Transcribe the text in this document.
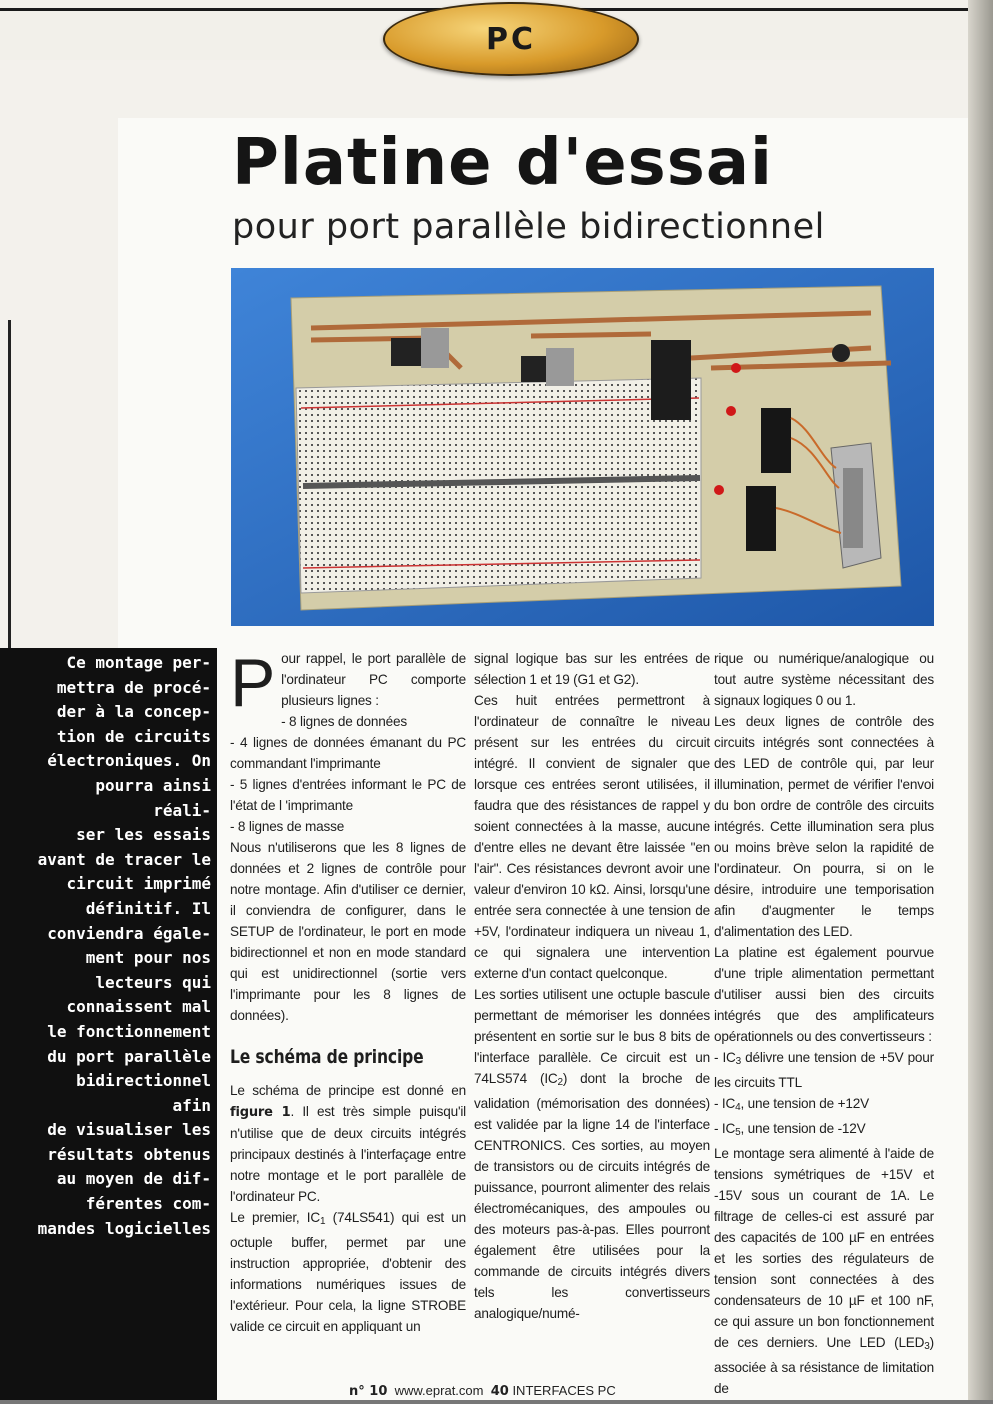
PC
Platine d'essai
pour port parallèle bidirectionnel

Ce montage per-
mettra de procé-
der à la concep-
tion de circuits
électroniques. On
pourra ainsi réali-
ser les essais
avant de tracer le
circuit imprimé
définitif. Il
conviendra égale-
ment pour nos
lecteurs qui
connaissent mal
le fonctionnement
du port parallèle
bidirectionnel afin
de visualiser les
résultats obtenus
au moyen de dif-
férentes com-
mandes logicielles

Pour rappel, le port parallèle de l'ordinateur PC comporte plusieurs lignes :

- 8 lignes de données

- 4 lignes de données émanant du PC commandant l'imprimante

- 5 lignes d'entrées informant le PC de l'état de l 'imprimante

- 8 lignes de masse

Nous n'utiliserons que les 8 lignes de données et 2 lignes de contrôle pour notre montage. Afin d'utiliser ce dernier, il conviendra de configurer, dans le SETUP de l'ordinateur, le port en mode bidirectionnel et non en mode standard qui est unidirectionnel (sortie vers l'imprimante pour les 8 lignes de données).

Le schéma de principe

Le schéma de principe est donné en figure 1. Il est très simple puisqu'il n'utilise que de deux circuits intégrés principaux destinés à l'interfaçage entre notre montage et le port parallèle de l'ordinateur PC.

Le premier, $IC_1$ (74LS541) qui est un octuple buffer, permet par une instruction appropriée, d'obtenir des informations numériques issues de l'extérieur. Pour cela, la ligne STROBE valide ce circuit en appliquant un

signal logique bas sur les entrées de sélection 1 et 19 (G1 et G2).

Ces huit entrées permettront à l'ordinateur de connaître le niveau présent sur les entrées du circuit intégré. Il convient de signaler que lorsque ces entrées seront utilisées, il faudra que des résistances de rappel y soient connectées à la masse, aucune d'entre elles ne devant être laissée "en l'air". Ces résistances devront avoir une valeur d'environ 10 kΩ. Ainsi, lorsqu'une entrée sera connectée à une tension de +5V, l'ordinateur indiquera un niveau 1, ce qui signalera une intervention externe d'un contact quelconque.

Les sorties utilisent une octuple bascule permettant de mémoriser les données présentent en sortie sur le bus 8 bits de l'interface parallèle. Ce circuit est un 74LS574 $(IC_2)$ dont la broche de validation (mémorisation des données) est validée par la ligne 14 de l'interface CENTRONICS. Ces sorties, au moyen de transistors ou de circuits intégrés de puissance, pourront alimenter des relais électromécaniques, des ampoules ou des moteurs pas-à-pas. Elles pourront également être utilisées pour la commande de circuits intégrés divers tels les convertisseurs analogique/numé-

rique ou numérique/analogique ou tout autre système nécessitant des signaux logiques 0 ou 1.

Les deux lignes de contrôle des circuits intégrés sont connectées à des LED de contrôle qui, par leur illumination, permet de vérifier l'envoi du bon ordre de contrôle des circuits intégrés. Cette illumination sera plus ou moins brève selon la rapidité de l'ordinateur. On pourra, si on le désire, introduire une temporisation afin d'augmenter le temps d'alimentation des LED.

La platine est également pourvue d'une triple alimentation permettant d'utiliser aussi bien des circuits intégrés que des amplificateurs opérationnels ou des convertisseurs :

- $IC_3$ délivre une tension de +5V pour les circuits TTL

- $IC_4$, une tension de +12V

- $IC_5$, une tension de -12V

Le montage sera alimenté à l'aide de tensions symétriques de +15V et -15V sous un courant de 1A. Le filtrage de celles-ci est assuré par des capacités de 100 µF en entrées et les sorties des régulateurs de tension sont connectées à des condensateurs de 10 µF et 100 nF, ce qui assure un bon fonctionnement de ces derniers. Une LED $(LED_3)$ associée à sa résistance de limitation de

n° 10 www.eprat.com 40 INTERFACES PC
